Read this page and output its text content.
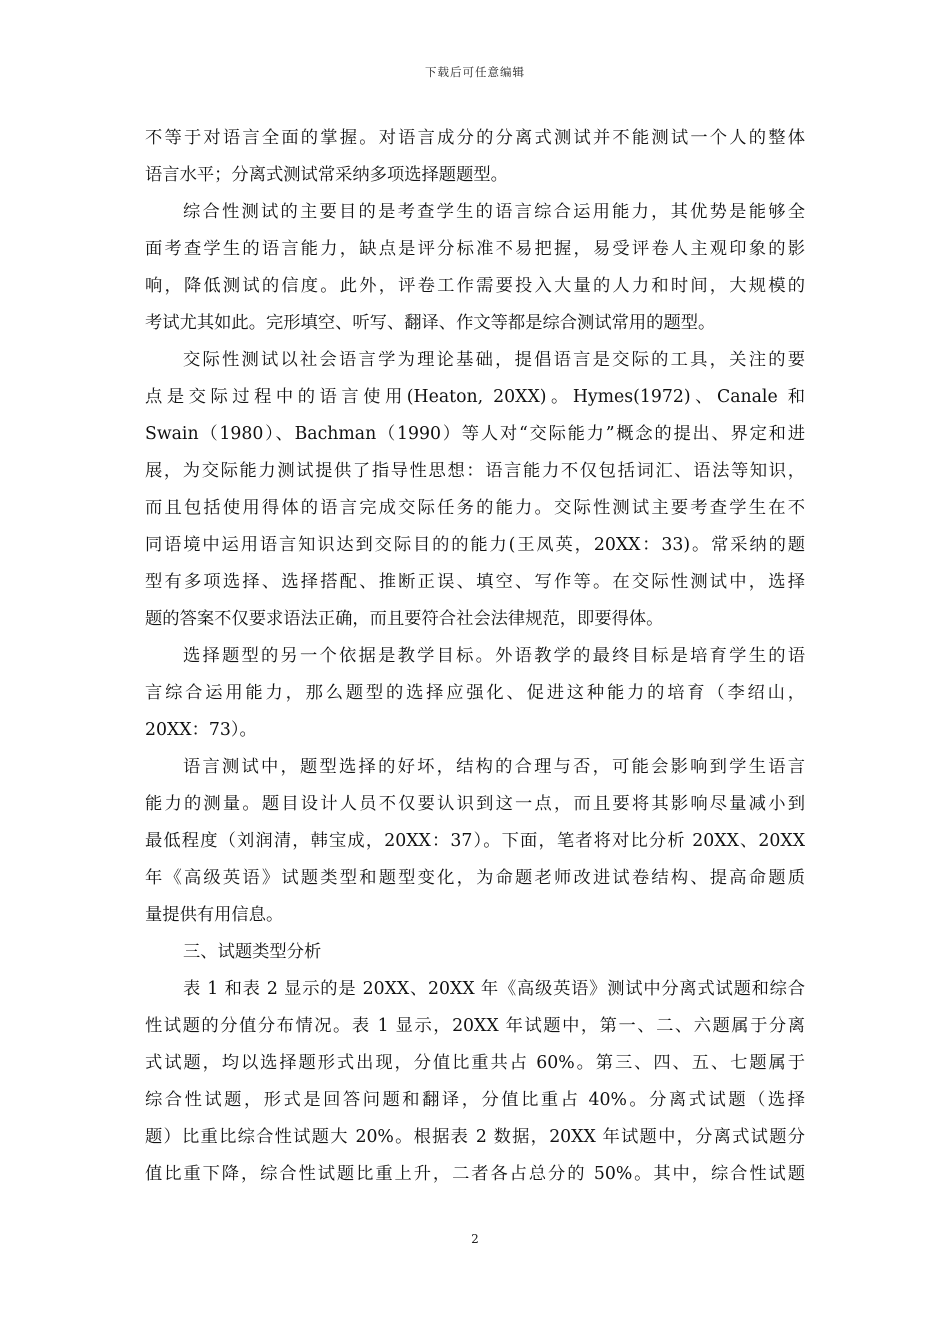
下载后可任意编辑
不等于对语言全面的掌握。对语言成分的分离式测试并不能测试一个人的整体
语言水平；分离式测试常采纳多项选择题题型。
综合性测试的主要目的是考查学生的语言综合运用能力，其优势是能够全
面考查学生的语言能力，缺点是评分标准不易把握，易受评卷人主观印象的影
响，降低测试的信度。此外，评卷工作需要投入大量的人力和时间，大规模的
考试尤其如此。完形填空、听写、翻译、作文等都是综合测试常用的题型。
交际性测试以社会语言学为理论基础，提倡语言是交际的工具，关注的要
点是交际过程中的语言使用(Heaton, 20XX)。Hymes(1972)、Canale 和
Swain（1980）、Bachman（1990）等人对“交际能力”概念的提出、界定和进
展，为交际能力测试提供了指导性思想：语言能力不仅包括词汇、语法等知识，
而且包括使用得体的语言完成交际任务的能力。交际性测试主要考查学生在不
同语境中运用语言知识达到交际目的的能力(王凤英，20XX：33)。常采纳的题
型有多项选择、选择搭配、推断正误、填空、写作等。在交际性测试中，选择
题的答案不仅要求语法正确，而且要符合社会法律规范，即要得体。
选择题型的另一个依据是教学目标。外语教学的最终目标是培育学生的语
言综合运用能力，那么题型的选择应强化、促进这种能力的培育（李绍山，
20XX：73）。
语言测试中，题型选择的好坏，结构的合理与否，可能会影响到学生语言
能力的测量。题目设计人员不仅要认识到这一点，而且要将其影响尽量减小到
最低程度（刘润清，韩宝成，20XX：37）。下面，笔者将对比分析 20XX、20XX
年《高级英语》试题类型和题型变化，为命题老师改进试卷结构、提高命题质
量提供有用信息。
三、试题类型分析
表 1 和表 2 显示的是 20XX、20XX 年《高级英语》测试中分离式试题和综合
性试题的分值分布情况。表 1 显示，20XX 年试题中，第一、二、六题属于分离
式试题，均以选择题形式出现，分值比重共占 60%。第三、四、五、七题属于
综合性试题，形式是回答问题和翻译，分值比重占 40%。分离式试题（选择
题）比重比综合性试题大 20%。根据表 2 数据，20XX 年试题中，分离式试题分
值比重下降，综合性试题比重上升，二者各占总分的 50%。其中，综合性试题
2
